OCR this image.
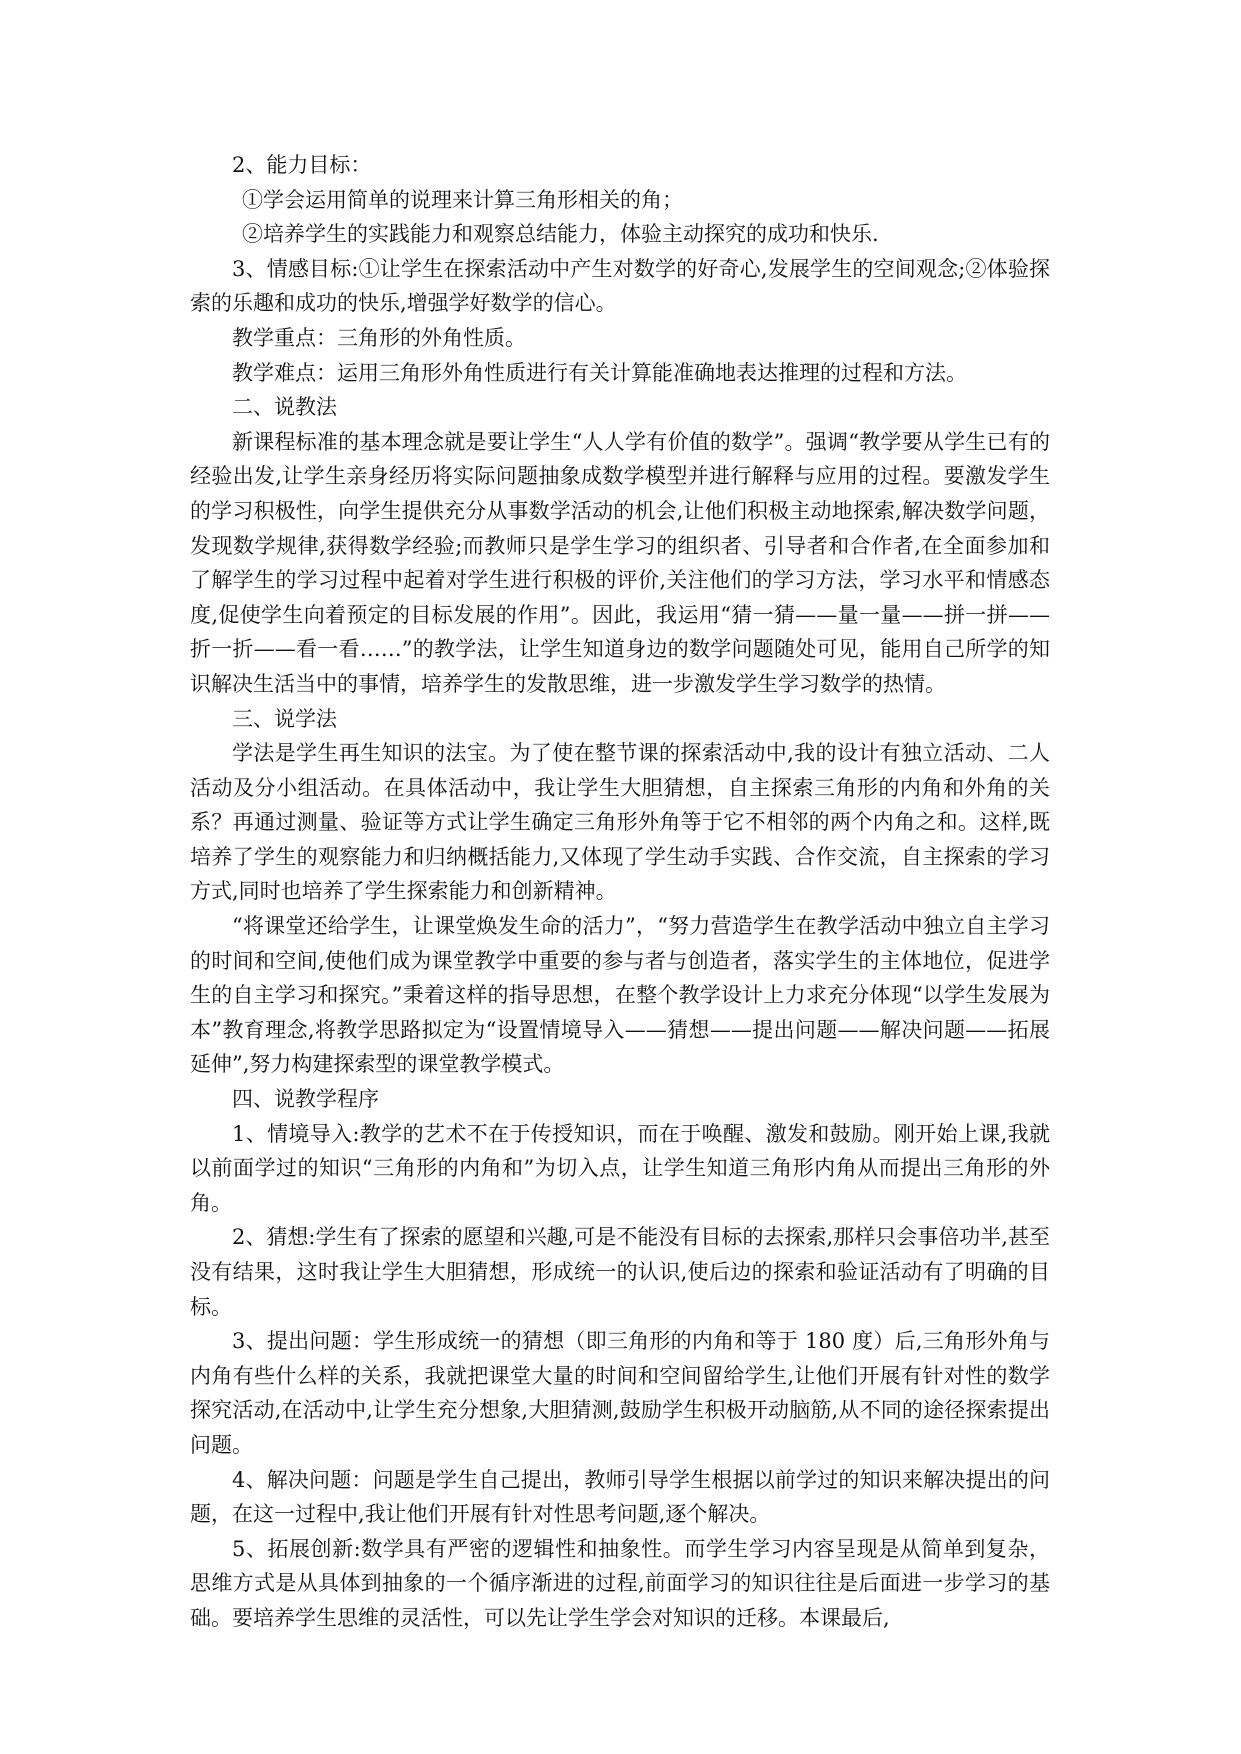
2、能力目标：

①学会运用简单的说理来计算三角形相关的角；

②培养学生的实践能力和观察总结能力，体验主动探究的成功和快乐.

3、情感目标:①让学生在探索活动中产生对数学的好奇心,发展学生的空间观念;②体验探索的乐趣和成功的快乐,增强学好数学的信心。

教学重点：三角形的外角性质。

教学难点：运用三角形外角性质进行有关计算能准确地表达推理的过程和方法。

二、说教法

新课程标准的基本理念就是要让学生“人人学有价值的数学”。强调“教学要从学生已有的经验出发,让学生亲身经历将实际问题抽象成数学模型并进行解释与应用的过程。要激发学生的学习积极性，向学生提供充分从事数学活动的机会,让他们积极主动地探索,解决数学问题，发现数学规律,获得数学经验;而教师只是学生学习的组织者、引导者和合作者,在全面参加和了解学生的学习过程中起着对学生进行积极的评价,关注他们的学习方法，学习水平和情感态度,促使学生向着预定的目标发展的作用”。因此，我运用“猜一猜——量一量——拼一拼——折一折——看一看……”的教学法，让学生知道身边的数学问题随处可见，能用自己所学的知识解决生活当中的事情，培养学生的发散思维，进一步激发学生学习数学的热情。

三、说学法

学法是学生再生知识的法宝。为了使在整节课的探索活动中,我的设计有独立活动、二人活动及分小组活动。在具体活动中，我让学生大胆猜想，自主探索三角形的内角和外角的关系？再通过测量、验证等方式让学生确定三角形外角等于它不相邻的两个内角之和。这样,既培养了学生的观察能力和归纳概括能力,又体现了学生动手实践、合作交流，自主探索的学习方式,同时也培养了学生探索能力和创新精神。

“将课堂还给学生，让课堂焕发生命的活力”，“努力营造学生在教学活动中独立自主学习的时间和空间,使他们成为课堂教学中重要的参与者与创造者，落实学生的主体地位，促进学生的自主学习和探究。”秉着这样的指导思想，在整个教学设计上力求充分体现“以学生发展为本”教育理念,将教学思路拟定为“设置情境导入——猜想——提出问题——解决问题——拓展延伸”,努力构建探索型的课堂教学模式。

四、说教学程序

1、情境导入:教学的艺术不在于传授知识，而在于唤醒、激发和鼓励。刚开始上课,我就以前面学过的知识“三角形的内角和”为切入点，让学生知道三角形内角从而提出三角形的外角。

2、猜想:学生有了探索的愿望和兴趣,可是不能没有目标的去探索,那样只会事倍功半,甚至没有结果，这时我让学生大胆猜想，形成统一的认识,使后边的探索和验证活动有了明确的目标。

3、提出问题：学生形成统一的猜想（即三角形的内角和等于 180 度）后,三角形外角与内角有些什么样的关系，我就把课堂大量的时间和空间留给学生,让他们开展有针对性的数学探究活动,在活动中,让学生充分想象,大胆猜测,鼓励学生积极开动脑筋,从不同的途径探索提出问题。

4、解决问题：问题是学生自己提出，教师引导学生根据以前学过的知识来解决提出的问题，在这一过程中,我让他们开展有针对性思考问题,逐个解决。

5、拓展创新:数学具有严密的逻辑性和抽象性。而学生学习内容呈现是从简单到复杂，思维方式是从具体到抽象的一个循序渐进的过程,前面学习的知识往往是后面进一步学习的基础。要培养学生思维的灵活性，可以先让学生学会对知识的迁移。本课最后,
